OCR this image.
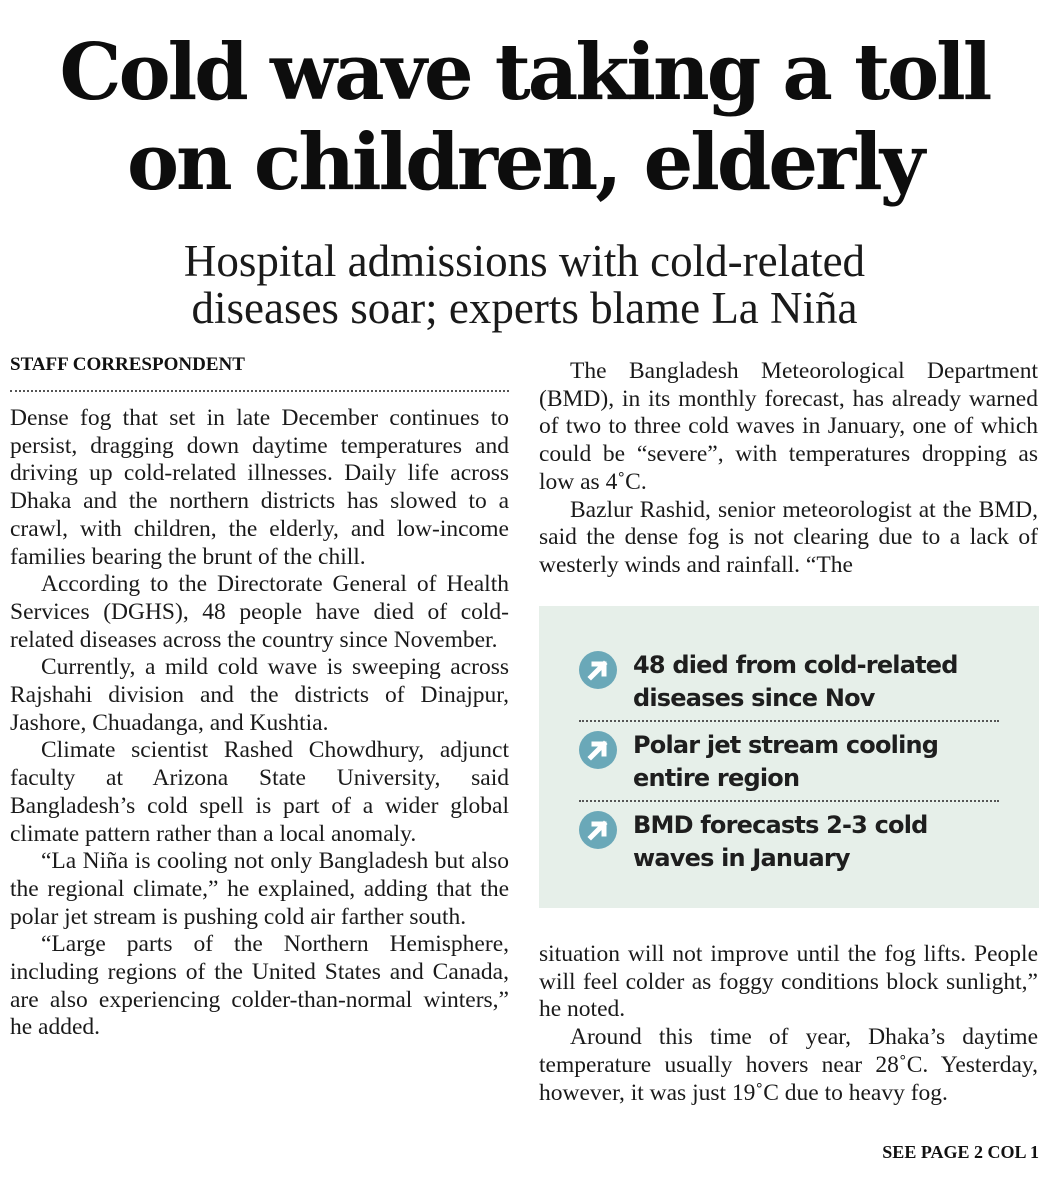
Cold wave taking a toll
on children, elderly
Hospital admissions with cold-related
diseases soar; experts blame La Niña
STAFF CORRESPONDENT

Dense fog that set in late December continues to persist, dragging down daytime temperatures and driving up cold-related illnesses. Daily life across Dhaka and the northern districts has slowed to a crawl, with children, the elderly, and low-income families bearing the brunt of the chill.

According to the Directorate General of Health Services (DGHS), 48 people have died of cold-related diseases across the country since November.

Currently, a mild cold wave is sweeping across Rajshahi division and the districts of Dinajpur, Jashore, Chuadanga, and Kushtia.

Climate scientist Rashed Chowdhury, adjunct faculty at Arizona State University, said Bangladesh’s cold spell is part of a wider global climate pattern rather than a local anomaly.

“La Niña is cooling not only Bangladesh but also the regional climate,” he explained, adding that the polar jet stream is pushing cold air farther south.

“Large parts of the Northern Hemisphere, including regions of the United States and Canada, are also experiencing colder-than-normal winters,” he added.

The Bangladesh Meteorological Department (BMD), in its monthly forecast, has already warned of two to three cold waves in January, one of which could be “severe”, with temperatures dropping as low as 4˚C.

Bazlur Rashid, senior meteorologist at the BMD, said the dense fog is not clearing due to a lack of westerly winds and rainfall. “The

48 died from cold-related diseases since Nov
Polar jet stream cooling entire region
BMD forecasts 2-3 cold waves in January

situation will not improve until the fog lifts. People will feel colder as foggy conditions block sunlight,” he noted.

Around this time of year, Dhaka’s daytime temperature usually hovers near 28˚C. Yesterday, however, it was just 19˚C due to heavy fog.

SEE PAGE 2 COL 1
